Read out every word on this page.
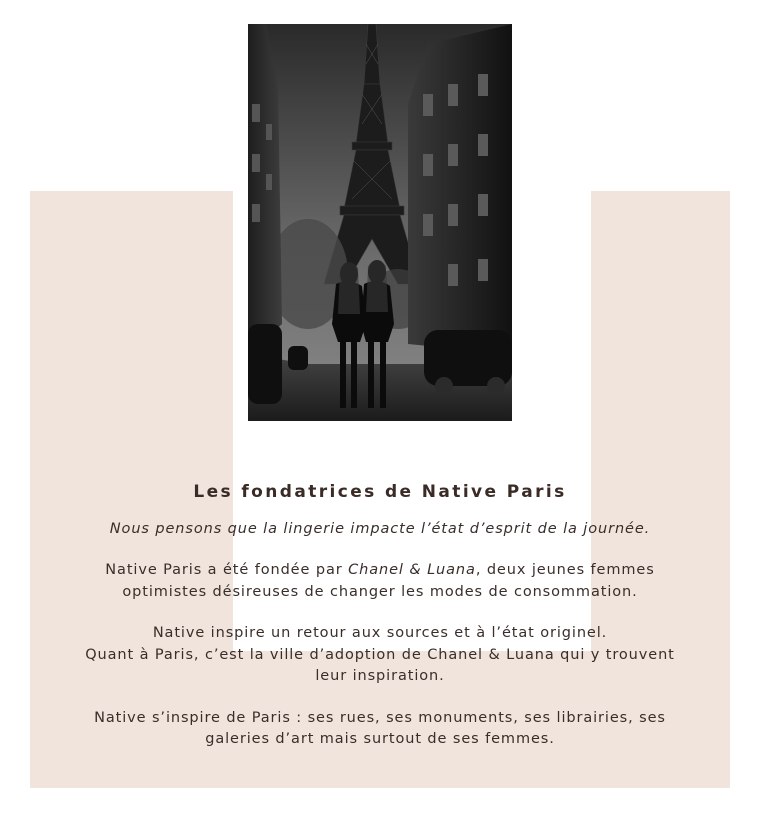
Les fondatrices de Native Paris

Nous pensons que la lingerie impacte l’état d’esprit de la journée.

Native Paris a été fondée par Chanel & Luana, deux jeunes femmes
optimistes désireuses de changer les modes de consommation.

Native inspire un retour aux sources et à l’état originel.
Quant à Paris, c’est la ville d’adoption de Chanel & Luana qui y trouvent
leur inspiration.

Native s’inspire de Paris : ses rues, ses monuments, ses librairies, ses
galeries d’art mais surtout de ses femmes.
